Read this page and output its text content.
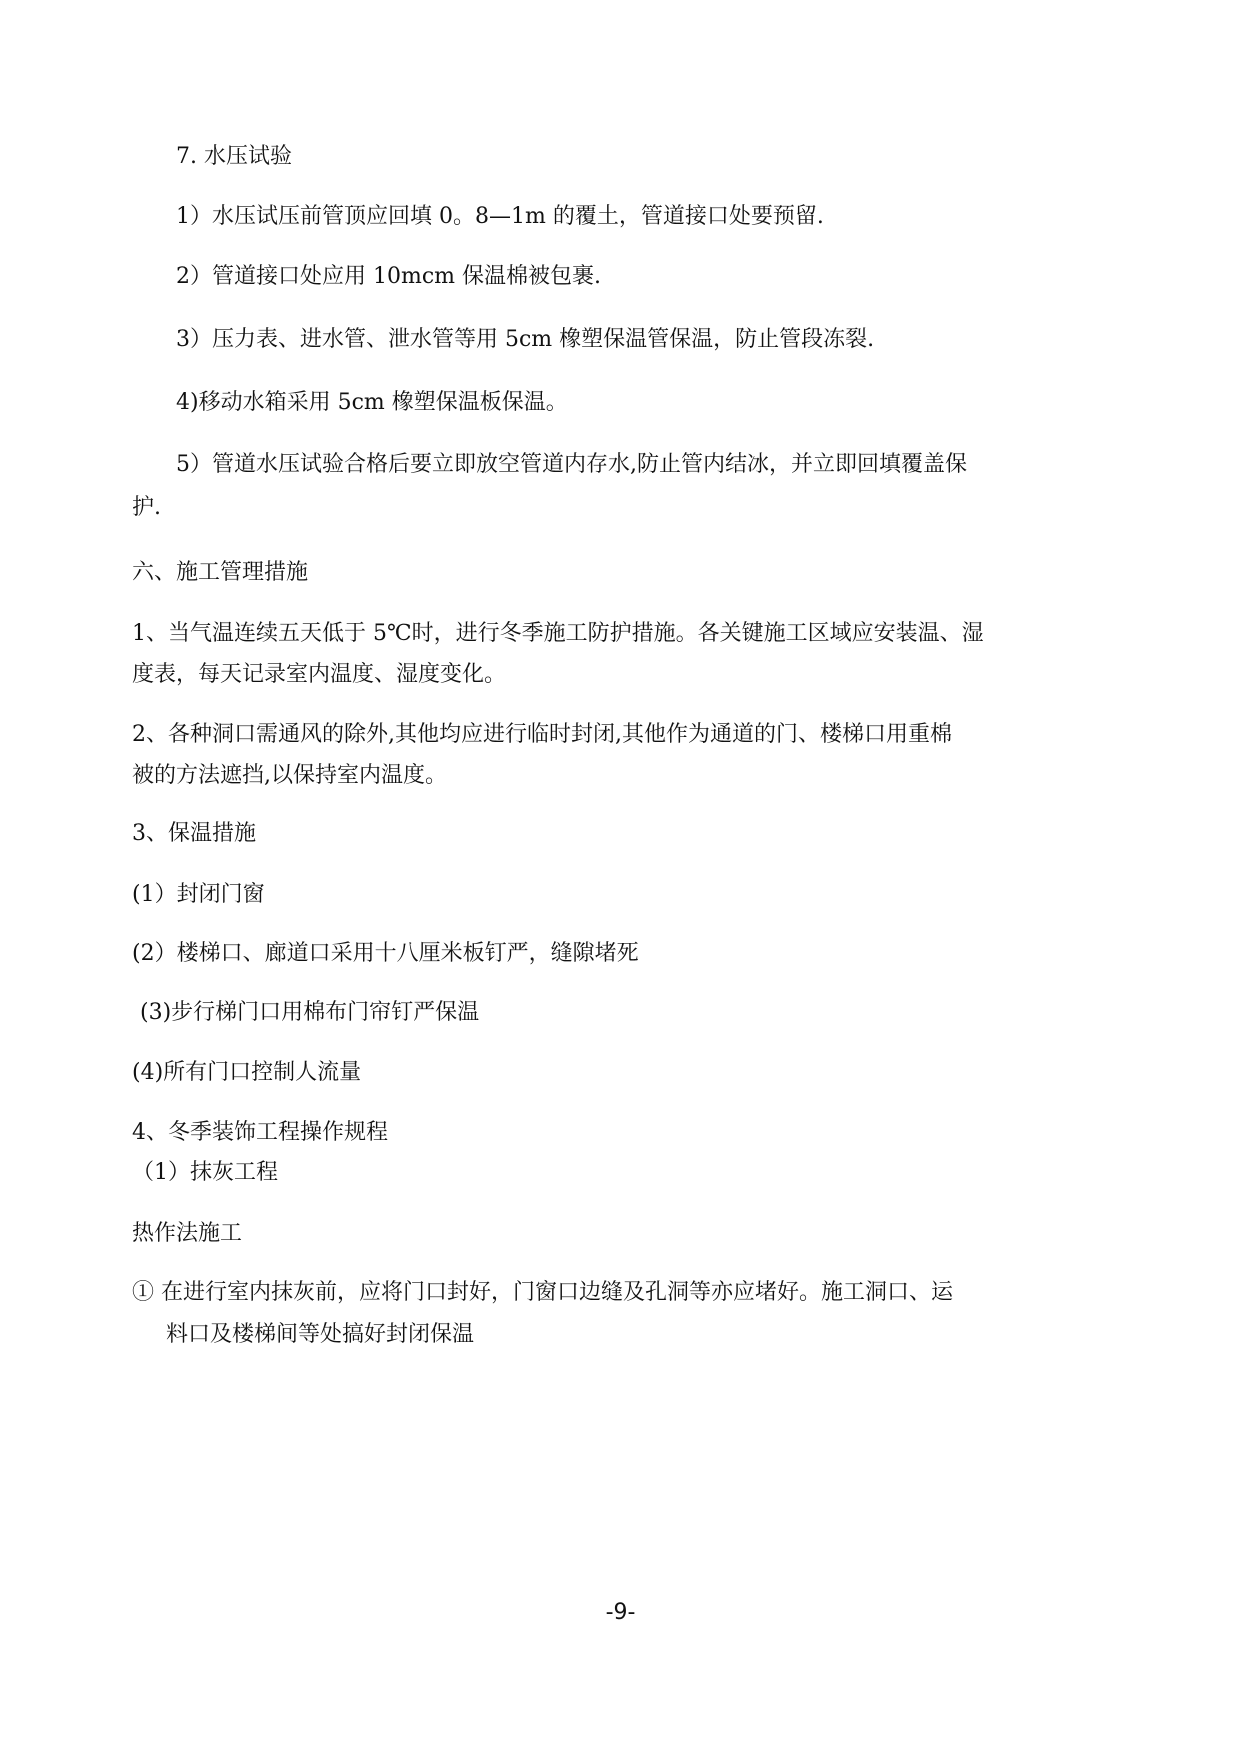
7. 水压试验

1）水压试压前管顶应回填 0。8—1m 的覆土，管道接口处要预留.

2）管道接口处应用 10mcm 保温棉被包裹.

3）压力表、进水管、泄水管等用 5cm 橡塑保温管保温，防止管段冻裂.

4)移动水箱采用 5cm 橡塑保温板保温。

5）管道水压试验合格后要立即放空管道内存水,防止管内结冰，并立即回填覆盖保

护.

六、施工管理措施

1、当气温连续五天低于 5℃时，进行冬季施工防护措施。各关键施工区域应安装温、湿

度表，每天记录室内温度、湿度变化。

2、各种洞口需通风的除外,其他均应进行临时封闭,其他作为通道的门、楼梯口用重棉

被的方法遮挡,以保持室内温度。

3、保温措施

(1）封闭门窗

(2）楼梯口、廊道口采用十八厘米板钉严，缝隙堵死

(3)步行梯门口用棉布门帘钉严保温

(4)所有门口控制人流量

4、冬季装饰工程操作规程

（1）抹灰工程

热作法施工

① 在进行室内抹灰前，应将门口封好，门窗口边缝及孔洞等亦应堵好。施工洞口、运

料口及楼梯间等处搞好封闭保温

-9-
